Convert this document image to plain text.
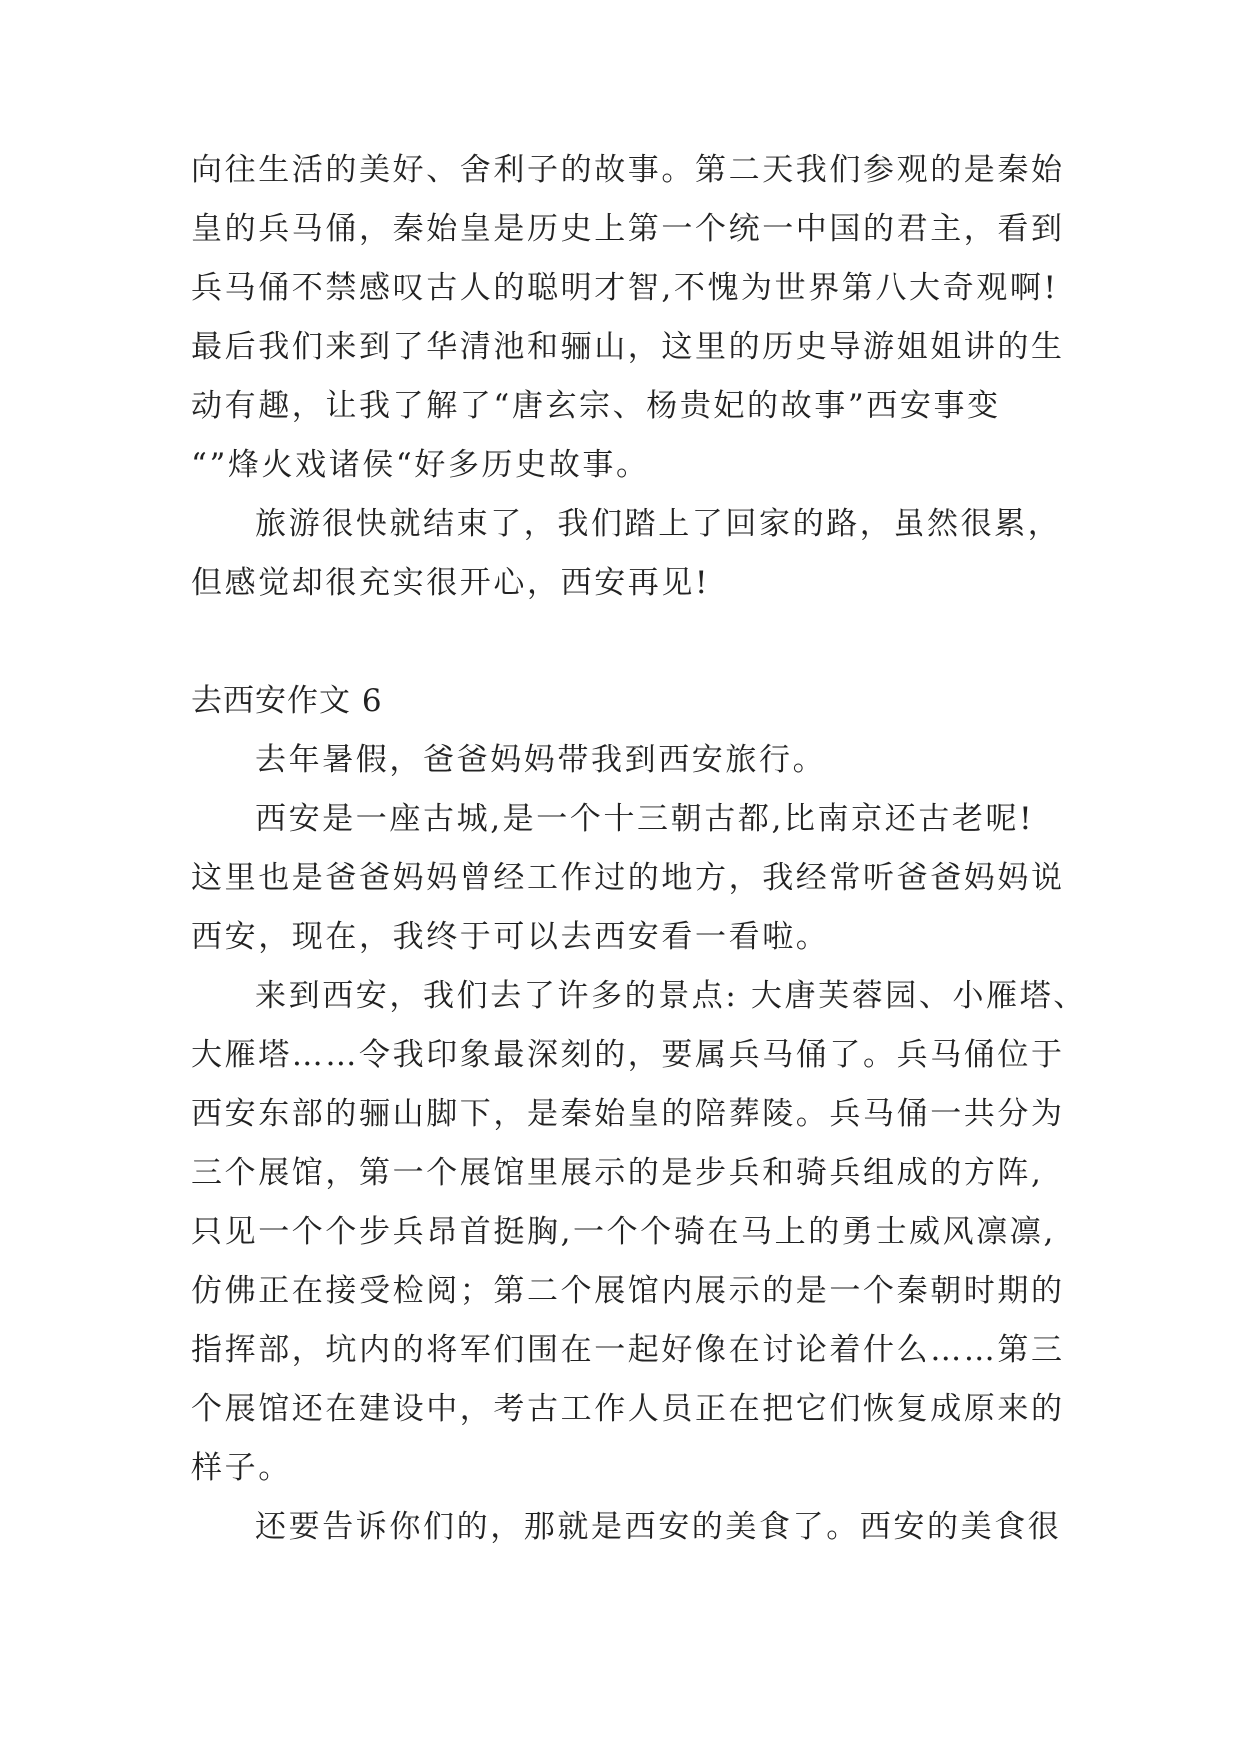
向往生活的美好、舍利子的故事。第二天我们参观的是秦始
皇的兵马俑，秦始皇是历史上第一个统一中国的君主，看到
兵马俑不禁感叹古人的聪明才智,不愧为世界第八大奇观啊!
最后我们来到了华清池和骊山，这里的历史导游姐姐讲的生
动有趣，让我了解了“唐玄宗、杨贵妃的故事”西安事变
“”烽火戏诸侯“好多历史故事。
旅游很快就结束了，我们踏上了回家的路，虽然很累，
但感觉却很充实很开心，西安再见!
去西安作文 6
去年暑假，爸爸妈妈带我到西安旅行。
西安是一座古城,是一个十三朝古都,比南京还古老呢!
这里也是爸爸妈妈曾经工作过的地方，我经常听爸爸妈妈说
西安，现在，我终于可以去西安看一看啦。
来到西安，我们去了许多的景点: 大唐芙蓉园、小雁塔、
大雁塔……令我印象最深刻的，要属兵马俑了。兵马俑位于
西安东部的骊山脚下，是秦始皇的陪葬陵。兵马俑一共分为
三个展馆，第一个展馆里展示的是步兵和骑兵组成的方阵,
只见一个个步兵昂首挺胸,一个个骑在马上的勇士威风凛凛,
仿佛正在接受检阅；第二个展馆内展示的是一个秦朝时期的
指挥部，坑内的将军们围在一起好像在讨论着什么……第三
个展馆还在建设中，考古工作人员正在把它们恢复成原来的
样子。
还要告诉你们的，那就是西安的美食了。西安的美食很
